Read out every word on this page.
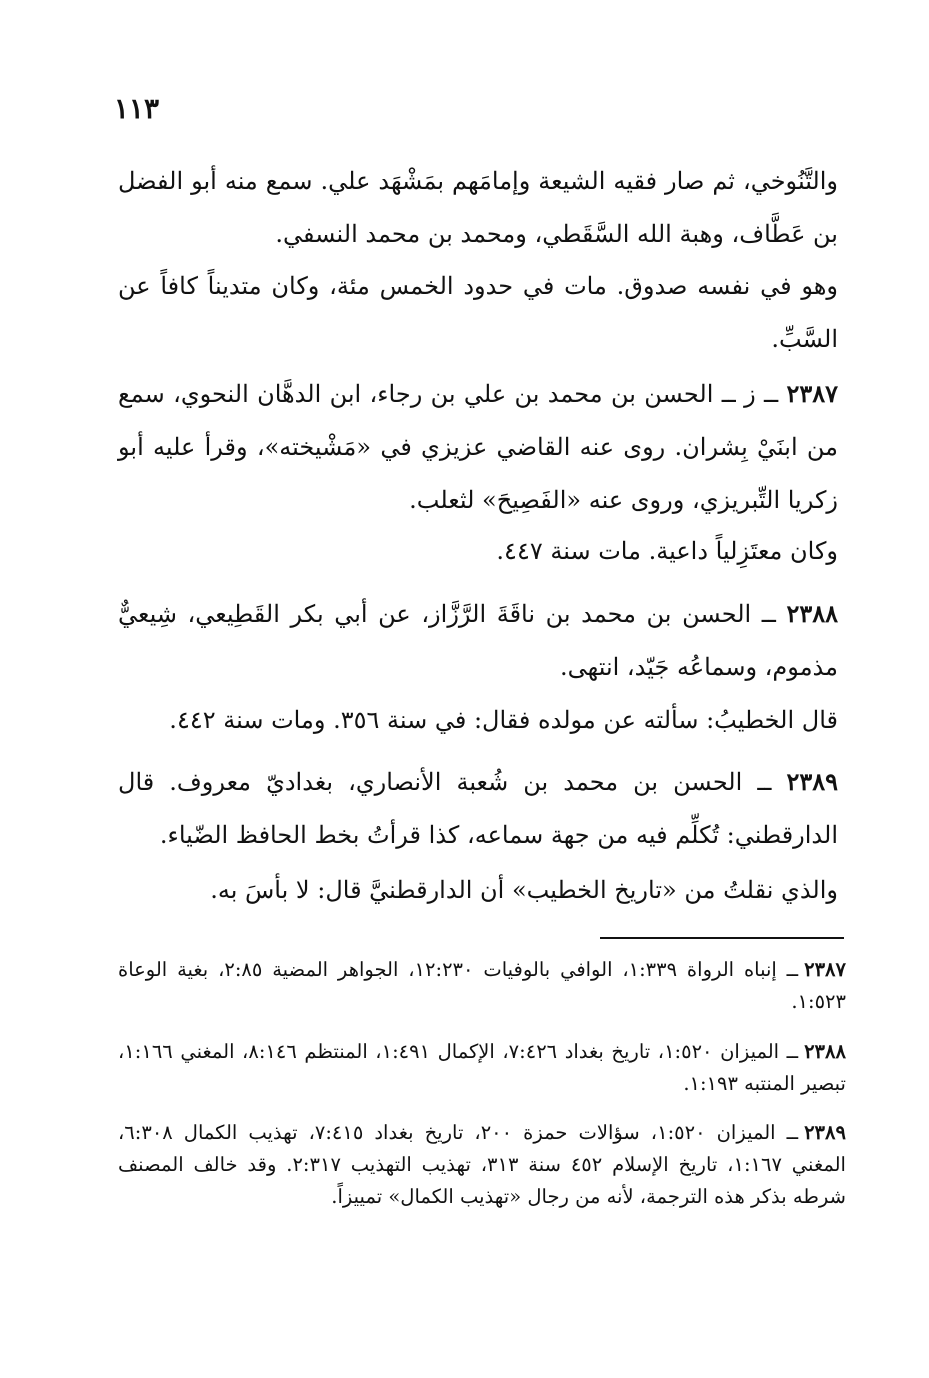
١١٣

والتَّنُوخي، ثم صار فقيه الشيعة وإمامَهم بمَشْهَد علي. سمع منه أبو الفضل بن عَطَّاف، وهبة الله السَّقَطي، ومحمد بن محمد النسفي.

وهو في نفسه صدوق. مات في حدود الخمس مئة، وكان متديناً كافاً عن السَّبِّ.

٢٣٨٧ ــ ز ــ الحسن بن محمد بن علي بن رجاء، ابن الدهَّان النحوي، سمع من ابنَيْ بِشران. روى عنه القاضي عزيزي في «مَشْيخته»، وقرأ عليه أبو زكريا التِّبريزي، وروى عنه «الفَصِيحَ» لثعلب.

وكان معتَزِلياً داعية. مات سنة ٤٤٧.

٢٣٨٨ ــ الحسن بن محمد بن ناقَةَ الرَّزَّاز، عن أبي بكر القَطِيعي، شِيعيٌّ مذموم، وسماعُه جَيّد، انتهى.

قال الخطيبُ: سألته عن مولده فقال: في سنة ٣٥٦. ومات سنة ٤٤٢.

٢٣٨٩ ــ الحسن بن محمد بن شُعبة الأنصاري، بغداديّ معروف. قال الدارقطني: تُكلِّم فيه من جهة سماعه، كذا قرأتُ بخط الحافظ الضّياء.

والذي نقلتُ من «تاريخ الخطيب» أن الدارقطنيَّ قال: لا بأسَ به.

٢٣٨٧ــ إنباه الرواة ١:٣٣٩، الوافي بالوفيات ١٢:٢٣٠، الجواهر المضية ٢:٨٥، بغية الوعاة ١:٥٢٣.
٢٣٨٨ــ الميزان ١:٥٢٠، تاريخ بغداد ٧:٤٢٦، الإكمال ١:٤٩١، المنتظم ٨:١٤٦، المغني ١:١٦٦، تبصير المنتبه ١:١٩٣.
٢٣٨٩ــ الميزان ١:٥٢٠، سؤالات حمزة ٢٠٠، تاريخ بغداد ٧:٤١٥، تهذيب الكمال ٦:٣٠٨، المغني ١:١٦٧، تاريخ الإسلام ٤٥٢ سنة ٣١٣، تهذيب التهذيب ٢:٣١٧. وقد خالف المصنف شرطه بذكر هذه الترجمة، لأنه من رجال «تهذيب الكمال» تمييزاً.
